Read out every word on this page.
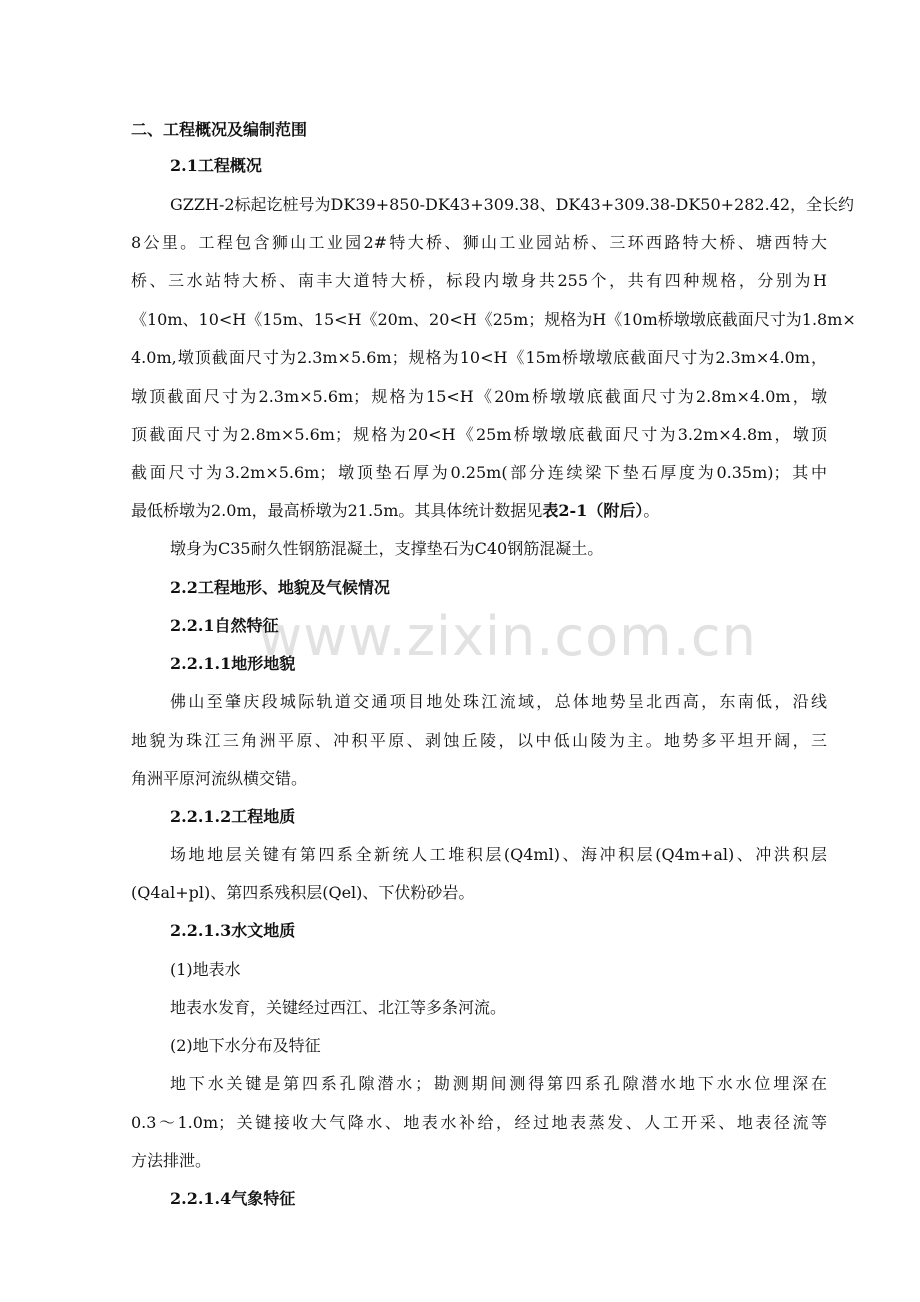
www.zixin.com.cn
二、工程概况及编制范围
2.1工程概况
GZZH-2标起讫桩号为DK39+850-DK43+309.38、DK43+309.38-DK50+282.42，全长约
8公里。工程包含狮山工业园2#特大桥、狮山工业园站桥、三环西路特大桥、塘西特大
桥、三水站特大桥、南丰大道特大桥，标段内墩身共255个，共有四种规格，分别为H
《10m、10<H《15m、15<H《20m、20<H《25m；规格为H《10m桥墩墩底截面尺寸为1.8m×
4.0m,墩顶截面尺寸为2.3m×5.6m；规格为10<H《15m桥墩墩底截面尺寸为2.3m×4.0m，
墩顶截面尺寸为2.3m×5.6m；规格为15<H《20m桥墩墩底截面尺寸为2.8m×4.0m，墩
顶截面尺寸为2.8m×5.6m；规格为20<H《25m桥墩墩底截面尺寸为3.2m×4.8m，墩顶
截面尺寸为3.2m×5.6m；墩顶垫石厚为0.25m(部分连续梁下垫石厚度为0.35m)；其中
最低桥墩为2.0m，最高桥墩为21.5m。其具体统计数据见表2-1（附后）。
墩身为C35耐久性钢筋混凝土，支撑垫石为C40钢筋混凝土。
2.2工程地形、地貌及气候情况
2.2.1自然特征
2.2.1.1地形地貌
佛山至肇庆段城际轨道交通项目地处珠江流域，总体地势呈北西高，东南低，沿线
地貌为珠江三角洲平原、冲积平原、剥蚀丘陵，以中低山陵为主。地势多平坦开阔，三
角洲平原河流纵横交错。
2.2.1.2工程地质
场地地层关键有第四系全新统人工堆积层(Q4ml)、海冲积层(Q4m+al)、冲洪积层
(Q4al+pl)、第四系残积层(Qel)、下伏粉砂岩。
2.2.1.3水文地质
(1)地表水
地表水发育，关键经过西江、北江等多条河流。
(2)地下水分布及特征
地下水关键是第四系孔隙潜水；勘测期间测得第四系孔隙潜水地下水水位埋深在
0.3～1.0m；关键接收大气降水、地表水补给，经过地表蒸发、人工开采、地表径流等
方法排泄。
2.2.1.4气象特征
